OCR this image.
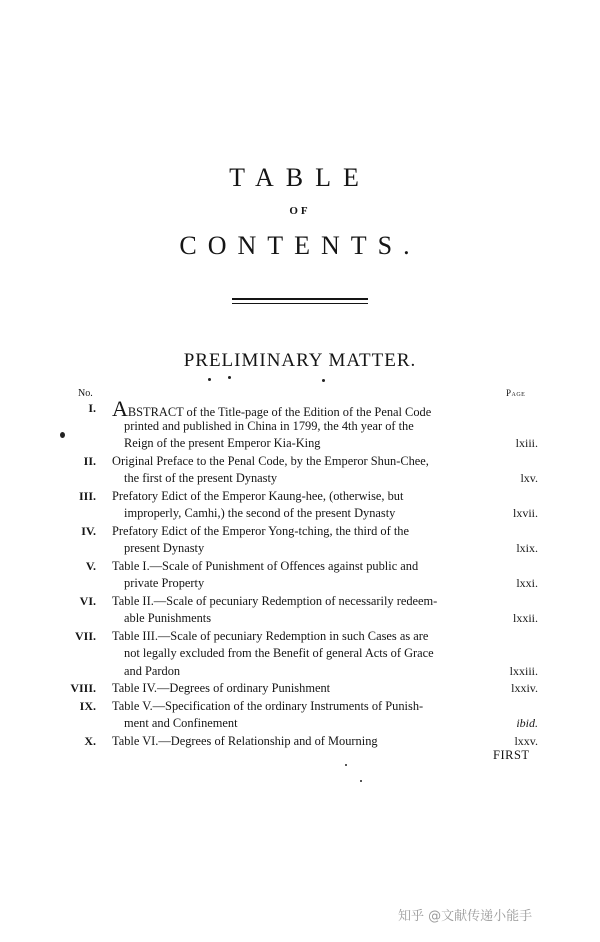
TABLE
OF
CONTENTS.
PRELIMINARY MATTER.
No.	Page
I. ABSTRACT of the Title-page of the Edition of the Penal Code
printed and published in China in 1799, the 4th year of the
Reign of the present Emperor Kia-King	lxiii.
II. Original Preface to the Penal Code, by the Emperor Shun-Chee,
the first of the present Dynasty	lxv.
III. Prefatory Edict of the Emperor Kaung-hee, (otherwise, but
improperly, Camhi,) the second of the present Dynasty	lxvii.
IV. Prefatory Edict of the Emperor Yong-tching, the third of the
present Dynasty	lxix.
V. Table I.—Scale of Punishment of Offences against public and
private Property	lxxi.
VI. Table II.—Scale of pecuniary Redemption of necessarily redeem-
able Punishments	lxxii.
VII. Table III.—Scale of pecuniary Redemption in such Cases as are
not legally excluded from the Benefit of general Acts of Grace
and Pardon	lxxiii.
VIII. Table IV.—Degrees of ordinary Punishment	lxxiv.
IX. Table V.—Specification of the ordinary Instruments of Punish-
ment and Confinement	ibid.
X. Table VI.—Degrees of Relationship and of Mourning	lxxv.
FIRST
知乎 @文献传递小能手
